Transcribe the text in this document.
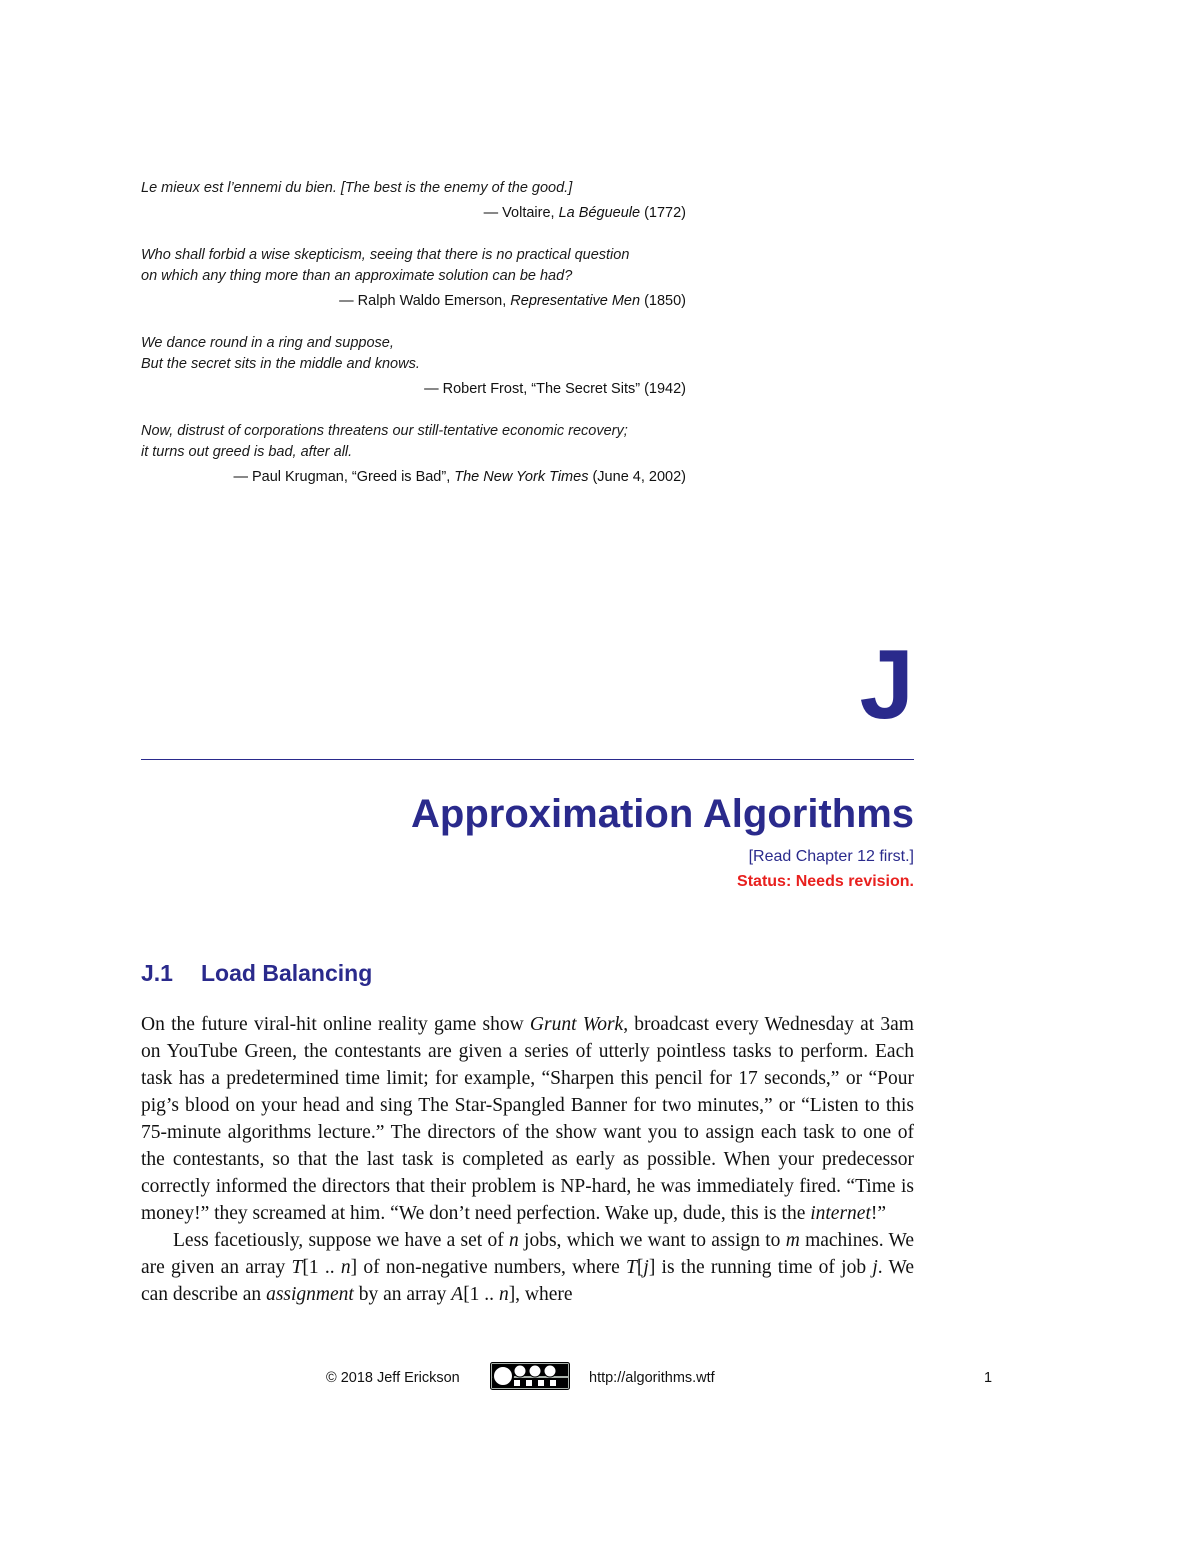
Le mieux est l’ennemi du bien. [The best is the enemy of the good.]
— Voltaire, La Bégueule (1772)
Who shall forbid a wise skepticism, seeing that there is no practical question
on which any thing more than an approximate solution can be had?
— Ralph Waldo Emerson, Representative Men (1850)
We dance round in a ring and suppose,
But the secret sits in the middle and knows.
— Robert Frost, “The Secret Sits” (1942)
Now, distrust of corporations threatens our still-tentative economic recovery;
it turns out greed is bad, after all.
— Paul Krugman, “Greed is Bad”, The New York Times (June 4, 2002)
J
Approximation Algorithms
[Read Chapter 12 first.]
Status: Needs revision.
J.1 Load Balancing

On the future viral-hit online reality game show Grunt Work, broadcast every Wednesday at 3am on YouTube Green, the contestants are given a series of utterly pointless tasks to perform. Each task has a predetermined time limit; for example, “Sharpen this pencil for 17 seconds,” or “Pour pig’s blood on your head and sing The Star-Spangled Banner for two minutes,” or “Listen to this 75-minute algorithms lecture.” The directors of the show want you to assign each task to one of the contestants, so that the last task is completed as early as possible. When your predecessor correctly informed the directors that their problem is NP-hard, he was immediately fired. “Time is money!” they screamed at him. “We don’t need perfection. Wake up, dude, this is the internet!”

Less facetiously, suppose we have a set of n jobs, which we want to assign to m machines. We are given an array T[1 .. n] of non-negative numbers, where T[j] is the running time of job j. We can describe an assignment by an array A[1 .. n], where

© 2018 Jeff Erickson	http://algorithms.wtf	1
